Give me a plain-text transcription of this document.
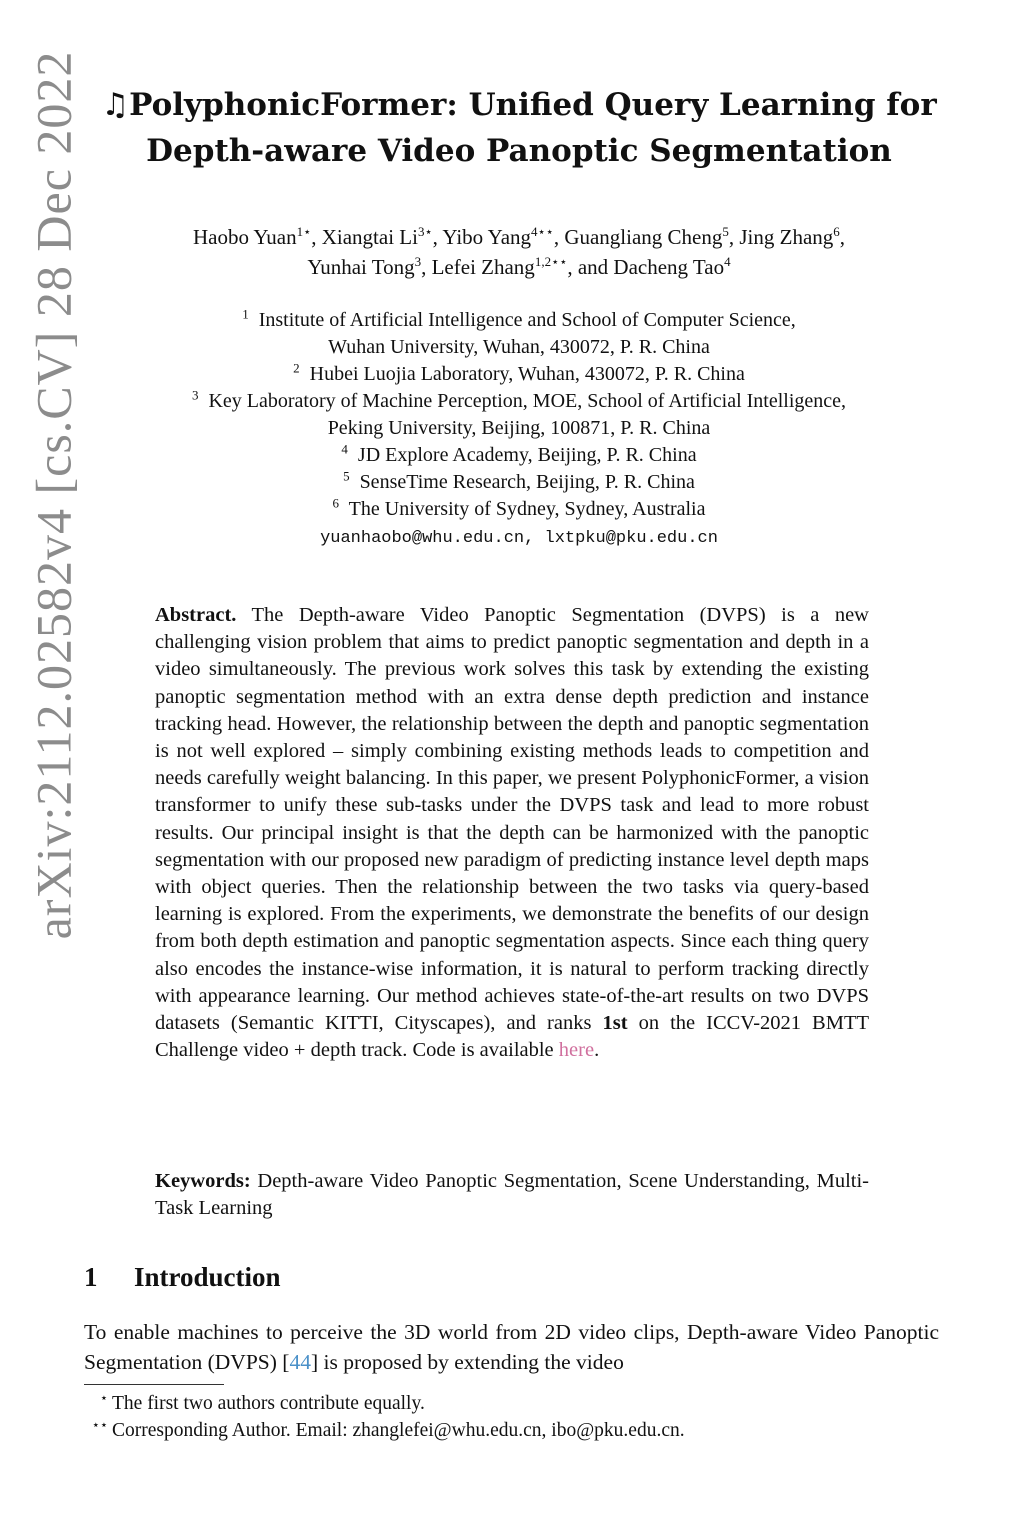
arXiv:2112.02582v4 [cs.CV] 28 Dec 2022 ♫PolyphonicFormer: Unified Query Learning for
Depth-aware Video Panoptic Segmentation
Haobo Yuan$^{1⋆}$, Xiangtai $Li^{3⋆}$, Yibo Yang$^{4⋆⋆}$, Guangliang Cheng$^5$, Jing Zhang$^6$,
Yunhai Tong$^3$, Lefei Zhang$^{1,2⋆⋆}$, and Dacheng Tao$^4$
$^1$ Institute of Artificial Intelligence and School of Computer Science,
Wuhan University, Wuhan, 430072, P. R. China
$^2$ Hubei Luojia Laboratory, Wuhan, 430072, P. R. China
$^3$ Key Laboratory of Machine Perception, MOE, School of Artificial Intelligence,
Peking University, Beijing, 100871, P. R. China
$^4$ JD Explore Academy, Beijing, P. R. China
$^5$ SenseTime Research, Beijing, P. R. China
$^6$ The University of Sydney, Sydney, Australia
yuanhaobo@whu.edu.cn, lxtpku@pku.edu.cn
Abstract. The Depth-aware Video Panoptic Segmentation (DVPS) is a new challenging vision problem that aims to predict panoptic segmentation and depth in a video simultaneously. The previous work solves this task by extending the existing panoptic segmentation method with an extra dense depth prediction and instance tracking head. However, the relationship between the depth and panoptic segmentation is not well explored – simply combining existing methods leads to competition and needs carefully weight balancing. In this paper, we present PolyphonicFormer, a vision transformer to unify these sub-tasks under the DVPS task and lead to more robust results. Our principal insight is that the depth can be harmonized with the panoptic segmentation with our proposed new paradigm of predicting instance level depth maps with object queries. Then the relationship between the two tasks via query-based learning is explored. From the experiments, we demonstrate the benefits of our design from both depth estimation and panoptic segmentation aspects. Since each thing query also encodes the instance-wise information, it is natural to perform tracking directly with appearance learning. Our method achieves state-of-the-art results on two DVPS datasets (Semantic KITTI, Cityscapes), and ranks 1st on the ICCV-2021 BMTT Challenge video + depth track. Code is available here.
Keywords: Depth-aware Video Panoptic Segmentation, Scene Understanding, Multi-Task Learning
1 Introduction
To enable machines to perceive the 3D world from 2D video clips, Depth-aware Video Panoptic Segmentation (DVPS) [44] is proposed by extending the video
⋆ The first two authors contribute equally.
⋆⋆ Corresponding Author. Email: zhanglefei@whu.edu.cn, ibo@pku.edu.cn.
